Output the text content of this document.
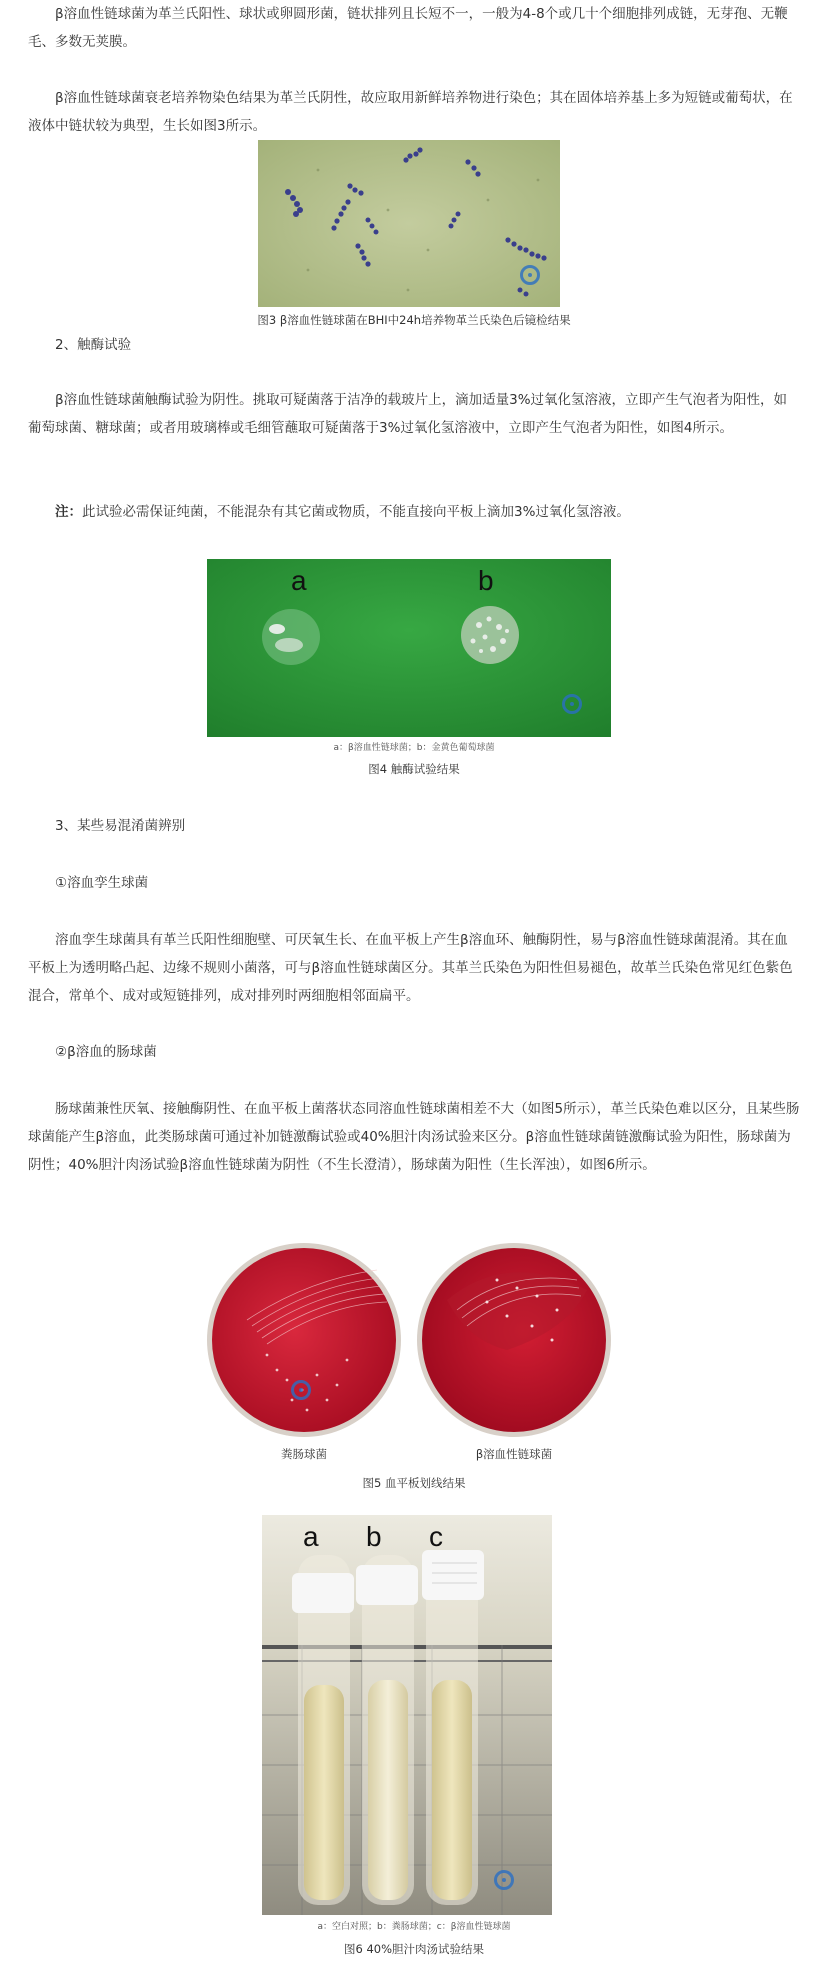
β溶血性链球菌为革兰氏阳性、球状或卵圆形菌，链状排列且长短不一，一般为4-8个或几十个细胞排列成链，无芽孢、无鞭毛、多数无荚膜。

β溶血性链球菌衰老培养物染色结果为革兰氏阴性，故应取用新鲜培养物进行染色；其在固体培养基上多为短链或葡萄状，在液体中链状较为典型，生长如图3所示。

图3 β溶血性链球菌在BHI中24h培养物革兰氏染色后镜检结果

2、触酶试验

β溶血性链球菌触酶试验为阴性。挑取可疑菌落于洁净的载玻片上，滴加适量3%过氧化氢溶液，立即产生气泡者为阳性，如葡萄球菌、糖球菌；或者用玻璃棒或毛细管蘸取可疑菌落于3%过氧化氢溶液中，立即产生气泡者为阳性，如图4所示。

注：此试验必需保证纯菌，不能混杂有其它菌或物质，不能直接向平板上滴加3%过氧化氢溶液。

a	b
a：β溶血性链球菌；b：金黄色葡萄球菌
图4 触酶试验结果

3、某些易混淆菌辨别

①溶血孪生球菌

溶血孪生球菌具有革兰氏阳性细胞壁、可厌氧生长、在血平板上产生β溶血环、触酶阴性，易与β溶血性链球菌混淆。其在血平板上为透明略凸起、边缘不规则小菌落，可与β溶血性链球菌区分。其革兰氏染色为阳性但易褪色，故革兰氏染色常见红色紫色混合，常单个、成对或短链排列，成对排列时两细胞相邻面扁平。

②β溶血的肠球菌

肠球菌兼性厌氧、接触酶阴性、在血平板上菌落状态同溶血性链球菌相差不大（如图5所示），革兰氏染色难以区分，且某些肠球菌能产生β溶血，此类肠球菌可通过补加链激酶试验或40%胆汁肉汤试验来区分。β溶血性链球菌链激酶试验为阳性，肠球菌为阴性；40%胆汁肉汤试验β溶血性链球菌为阴性（不生长澄清），肠球菌为阳性（生长浑浊），如图6所示。

粪肠球菌	β溶血性链球菌
图5 血平板划线结果
a b c
a：空白对照；b：粪肠球菌；c：β溶血性链球菌
图6 40%胆汁肉汤试验结果
